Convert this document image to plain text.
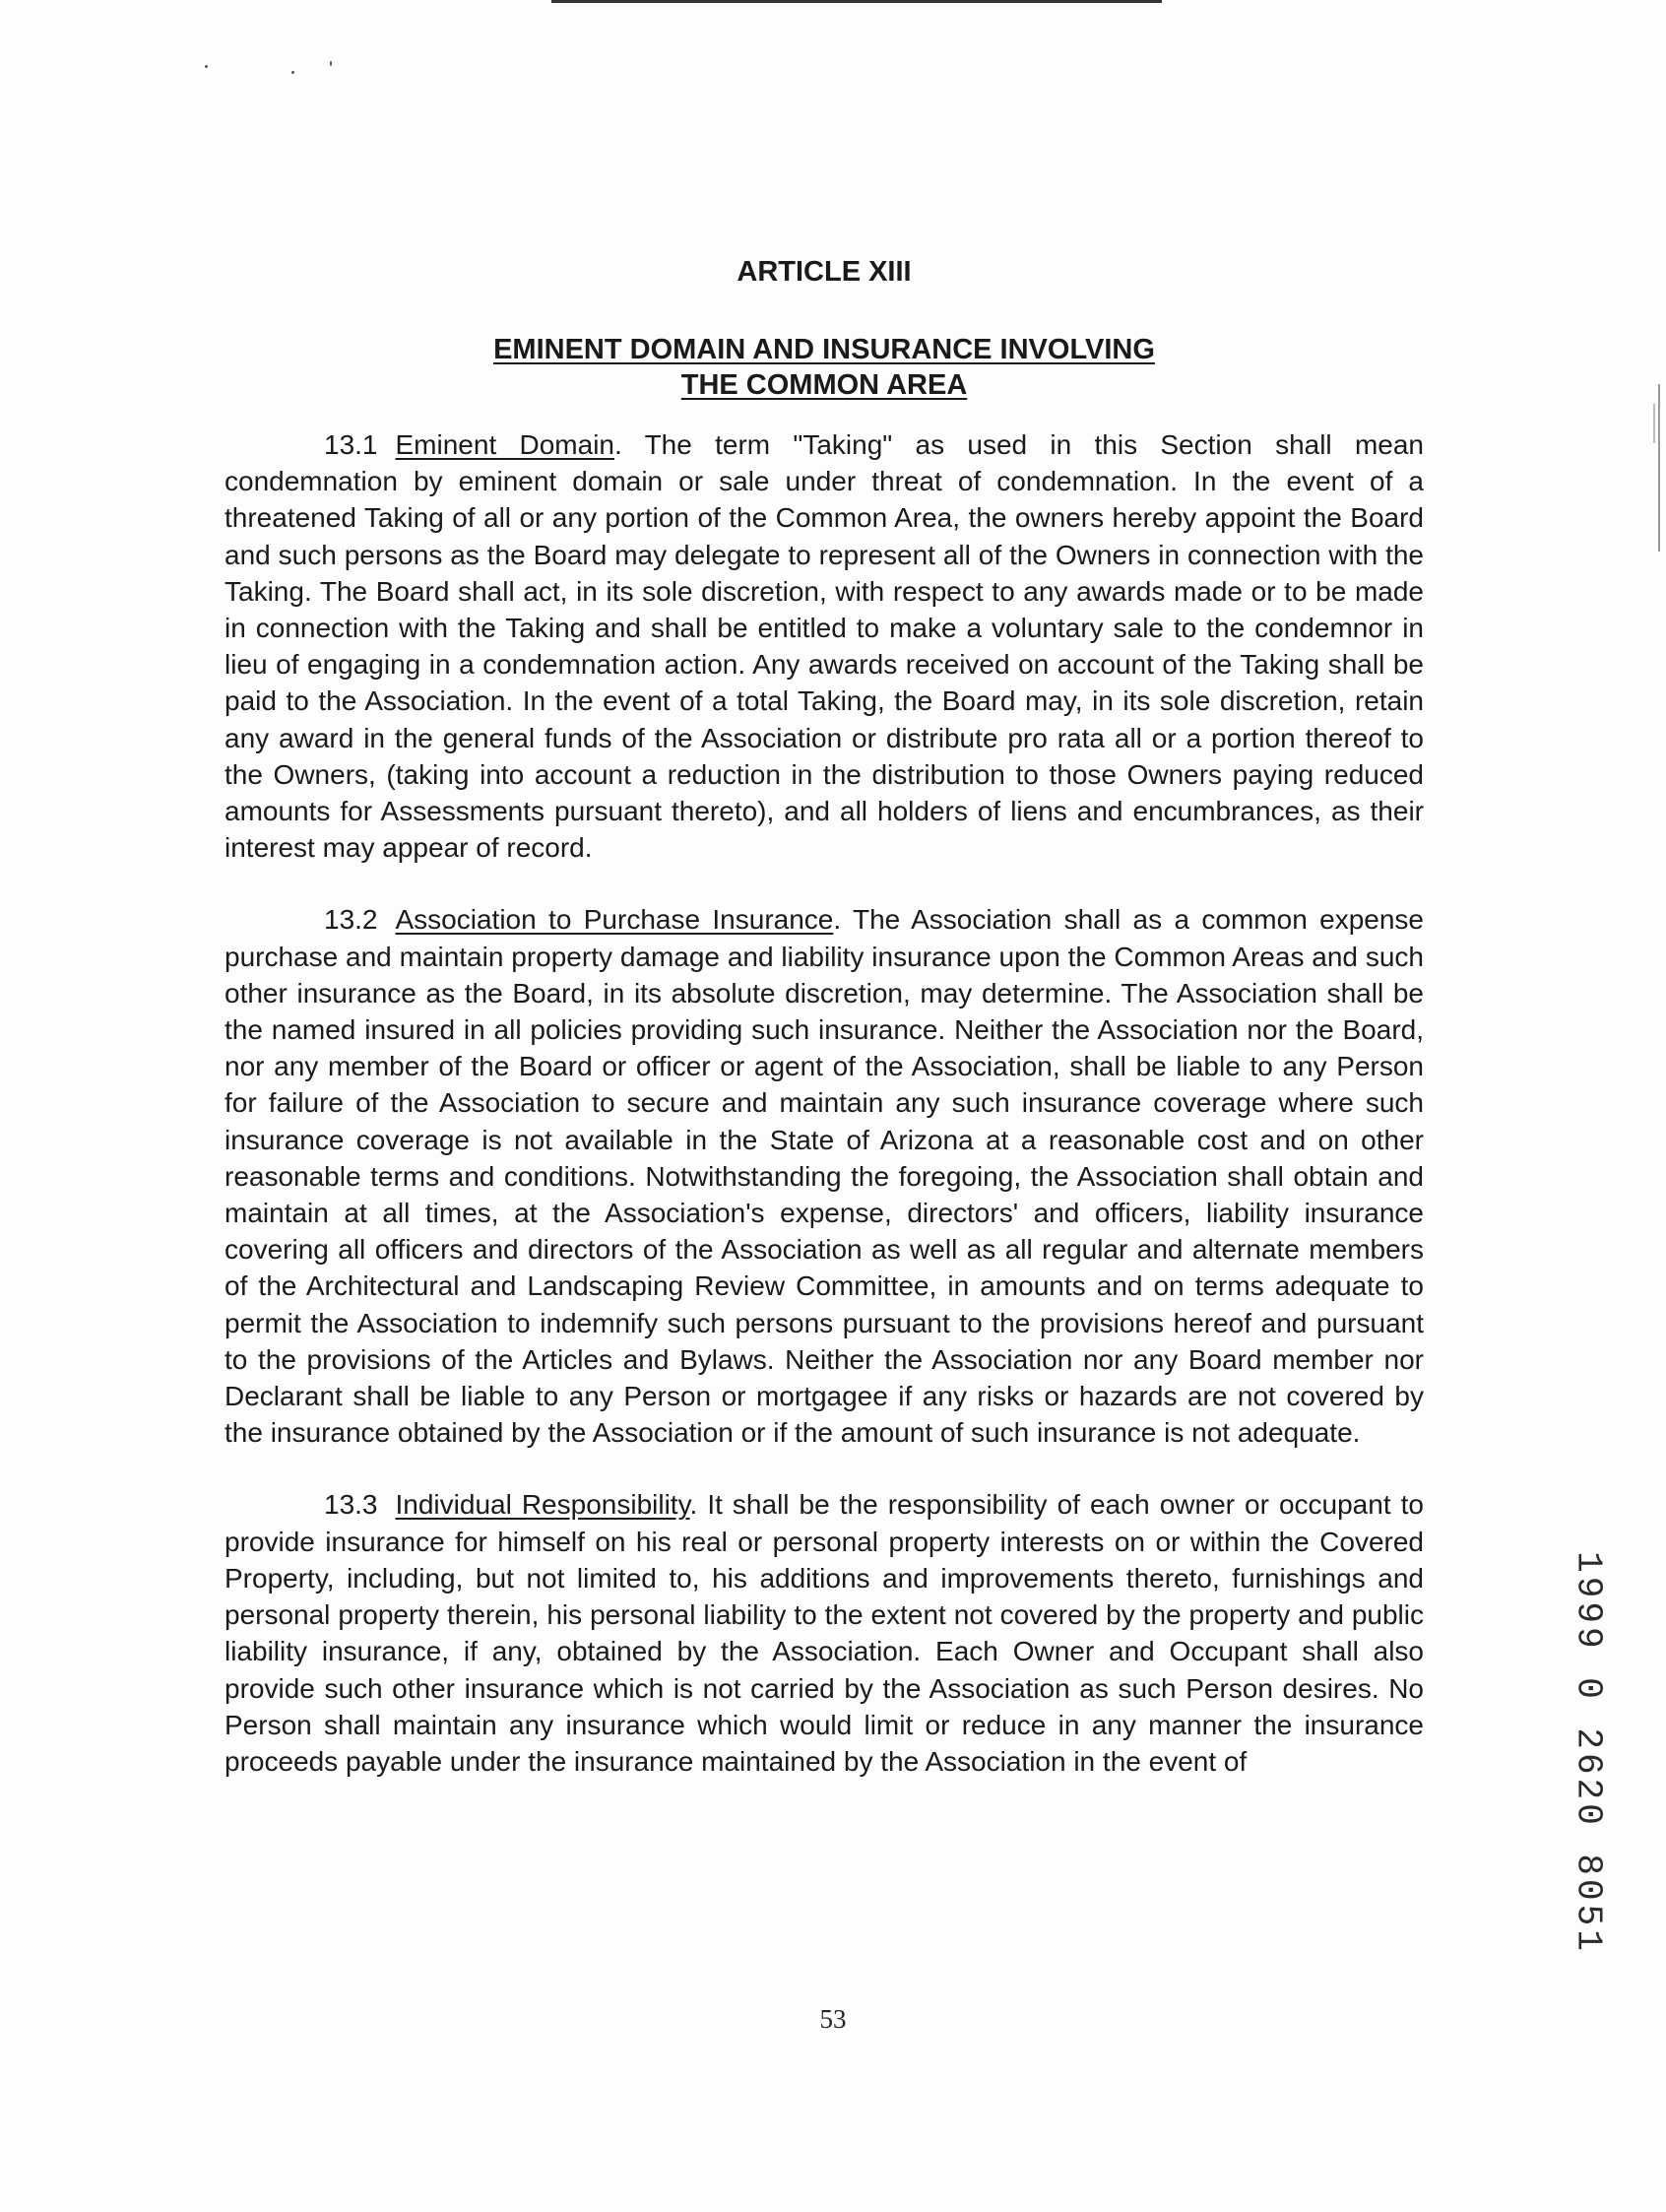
ARTICLE XIII
EMINENT DOMAIN AND INSURANCE INVOLVING
THE COMMON AREA

13.1 Eminent Domain. The term "Taking" as used in this Section shall mean condemnation by eminent domain or sale under threat of condemnation. In the event of a threatened Taking of all or any portion of the Common Area, the owners hereby appoint the Board and such persons as the Board may delegate to represent all of the Owners in connection with the Taking. The Board shall act, in its sole discretion, with respect to any awards made or to be made in connection with the Taking and shall be entitled to make a voluntary sale to the condemnor in lieu of engaging in a condemnation action. Any awards received on account of the Taking shall be paid to the Association. In the event of a total Taking, the Board may, in its sole discretion, retain any award in the general funds of the Association or distribute pro rata all or a portion thereof to the Owners, (taking into account a reduction in the distribution to those Owners paying reduced amounts for Assessments pursuant thereto), and all holders of liens and encumbrances, as their interest may appear of record.

13.2 Association to Purchase Insurance. The Association shall as a common expense purchase and maintain property damage and liability insurance upon the Common Areas and such other insurance as the Board, in its absolute discretion, may determine. The Association shall be the named insured in all policies providing such insurance. Neither the Association nor the Board, nor any member of the Board or officer or agent of the Association, shall be liable to any Person for failure of the Association to secure and maintain any such insurance coverage where such insurance coverage is not available in the State of Arizona at a reasonable cost and on other reasonable terms and conditions. Notwithstanding the foregoing, the Association shall obtain and maintain at all times, at the Association's expense, directors' and officers, liability insurance covering all officers and directors of the Association as well as all regular and alternate members of the Architectural and Landscaping Review Committee, in amounts and on terms adequate to permit the Association to indemnify such persons pursuant to the provisions hereof and pursuant to the provisions of the Articles and Bylaws. Neither the Association nor any Board member nor Declarant shall be liable to any Person or mortgagee if any risks or hazards are not covered by the insurance obtained by the Association or if the amount of such insurance is not adequate.

13.3 Individual Responsibility. It shall be the responsibility of each owner or occupant to provide insurance for himself on his real or personal property interests on or within the Covered Property, including, but not limited to, his additions and improvements thereto, furnishings and personal property therein, his personal liability to the extent not covered by the property and public liability insurance, if any, obtained by the Association. Each Owner and Occupant shall also provide such other insurance which is not carried by the Association as such Person desires. No Person shall maintain any insurance which would limit or reduce in any manner the insurance proceeds payable under the insurance maintained by the Association in the event of	1999 0 2620 8051
53
